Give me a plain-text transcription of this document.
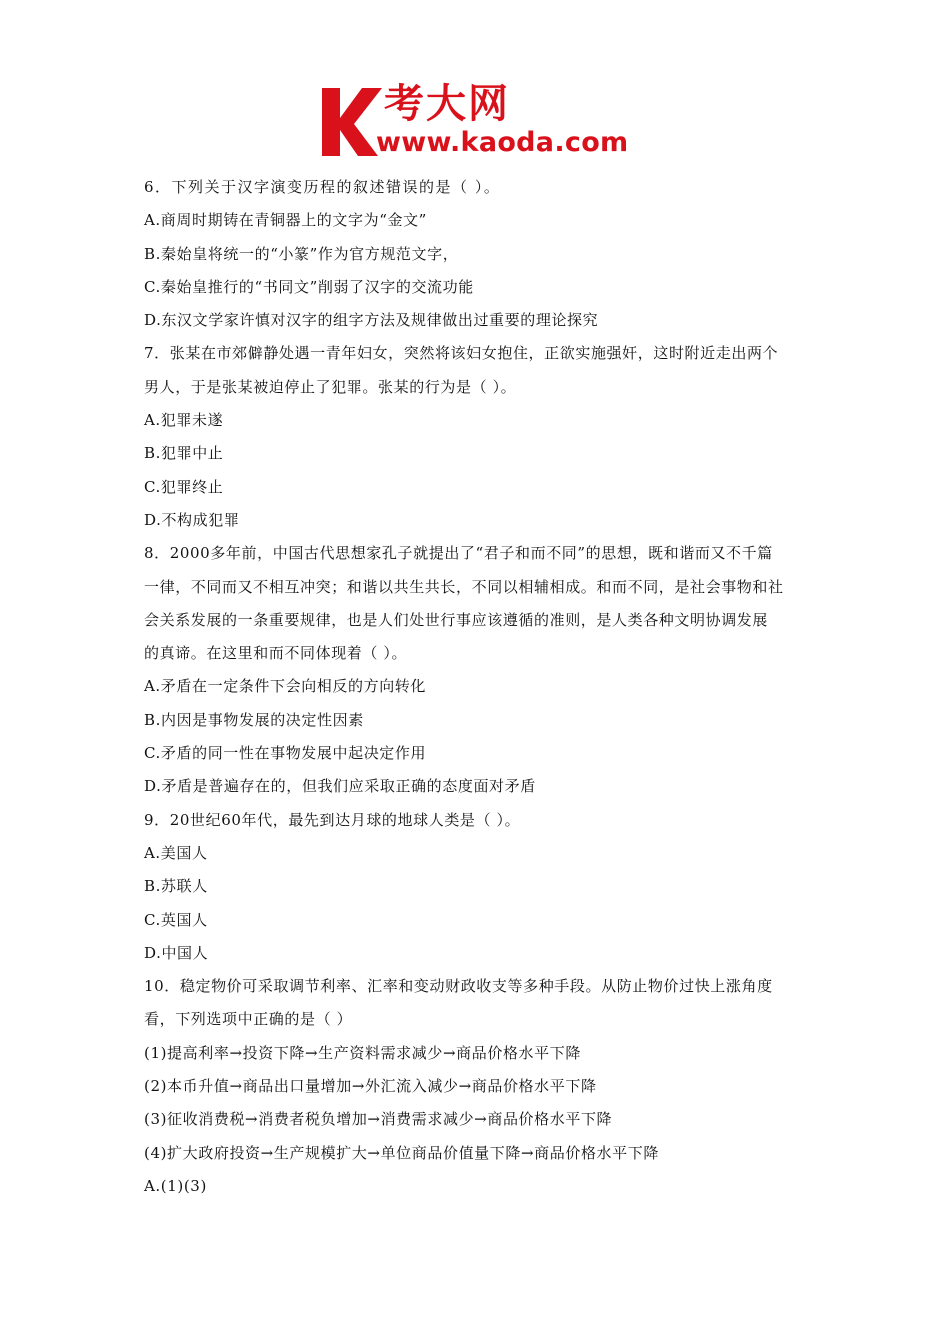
考大网
www.kaoda.com
6．下列关于汉字演变历程的叙述错误的是（ ）。
A.商周时期铸在青铜器上的文字为“金文”
B.秦始皇将统一的“小篆”作为官方规范文字，
C.秦始皇推行的“书同文”削弱了汉字的交流功能
D.东汉文学家许慎对汉字的组字方法及规律做出过重要的理论探究
7．张某在市郊僻静处遇一青年妇女，突然将该妇女抱住，正欲实施强奸，这时附近走出两个
男人，于是张某被迫停止了犯罪。张某的行为是（ ）。
A.犯罪未遂
B.犯罪中止
C.犯罪终止
D.不构成犯罪
8．2000多年前，中国古代思想家孔子就提出了“君子和而不同”的思想，既和谐而又不千篇
一律，不同而又不相互冲突；和谐以共生共长，不同以相辅相成。和而不同，是社会事物和社
会关系发展的一条重要规律，也是人们处世行事应该遵循的准则，是人类各种文明协调发展
的真谛。在这里和而不同体现着（ ）。
A.矛盾在一定条件下会向相反的方向转化
B.内因是事物发展的决定性因素
C.矛盾的同一性在事物发展中起决定作用
D.矛盾是普遍存在的，但我们应采取正确的态度面对矛盾
9．20世纪60年代，最先到达月球的地球人类是（ ）。
A.美国人
B.苏联人
C.英国人
D.中国人
10．稳定物价可采取调节利率、汇率和变动财政收支等多种手段。从防止物价过快上涨角度
看，下列选项中正确的是（ ）
(1)提高利率→投资下降→生产资料需求减少→商品价格水平下降
(2)本币升值→商品出口量增加→外汇流入减少→商品价格水平下降
(3)征收消费税→消费者税负增加→消费需求减少→商品价格水平下降
(4)扩大政府投资→生产规模扩大→单位商品价值量下降→商品价格水平下降
A.(1)(3)
